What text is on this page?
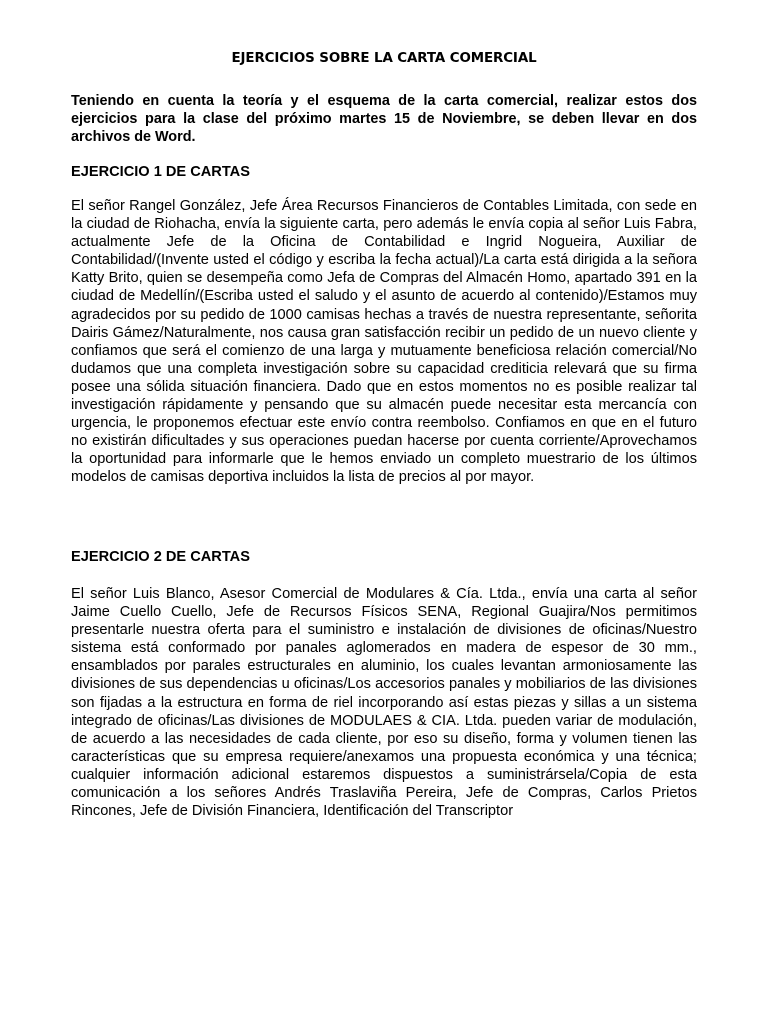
EJERCICIOS SOBRE LA CARTA COMERCIAL
Teniendo en cuenta la teoría y el esquema de la carta comercial, realizar estos dos ejercicios para la clase del próximo martes 15 de Noviembre, se deben llevar en dos archivos de Word.
EJERCICIO 1 DE CARTAS
El señor Rangel González, Jefe Área Recursos Financieros de Contables Limitada, con sede en la ciudad de Riohacha, envía la siguiente carta, pero además le envía copia al señor Luis Fabra, actualmente Jefe de la Oficina de Contabilidad e Ingrid Nogueira, Auxiliar de Contabilidad/(Invente usted el código y escriba la fecha actual)/La carta está dirigida a la señora Katty Brito, quien se desempeña como Jefa de Compras del Almacén Homo, apartado 391 en la ciudad de Medellín/(Escriba usted el saludo y el asunto de acuerdo al contenido)/Estamos muy agradecidos por su pedido de 1000 camisas hechas a través de nuestra representante, señorita Dairis Gámez/Naturalmente, nos causa gran satisfacción recibir un pedido de un nuevo cliente y confiamos que será el comienzo de una larga y mutuamente beneficiosa relación comercial/No dudamos que una completa investigación sobre su capacidad crediticia relevará que su firma posee una sólida situación financiera. Dado que en estos momentos no es posible realizar tal investigación rápidamente y pensando que su almacén puede necesitar esta mercancía con urgencia, le proponemos efectuar este envío contra reembolso. Confiamos en que en el futuro no existirán dificultades y sus operaciones puedan hacerse por cuenta corriente/Aprovechamos la oportunidad para informarle que le hemos enviado un completo muestrario de los últimos modelos de camisas deportiva incluidos la lista de precios al por mayor.
EJERCICIO 2 DE CARTAS
El señor Luis Blanco, Asesor Comercial de Modulares & Cía. Ltda., envía una carta al señor Jaime Cuello Cuello, Jefe de Recursos Físicos SENA, Regional Guajira/Nos permitimos presentarle nuestra oferta para el suministro e instalación de divisiones de oficinas/Nuestro sistema está conformado por panales aglomerados en madera de espesor de 30 mm., ensamblados por parales estructurales en aluminio, los cuales levantan armoniosamente las divisiones de sus dependencias u oficinas/Los accesorios panales y mobiliarios de las divisiones son fijadas a la estructura en forma de riel incorporando así estas piezas y sillas a un sistema integrado de oficinas/Las divisiones de MODULAES & CIA. Ltda. pueden variar de modulación, de acuerdo a las necesidades de cada cliente, por eso su diseño, forma y volumen tienen las características que su empresa requiere/anexamos una propuesta económica y una técnica; cualquier información adicional estaremos dispuestos a suministrársela/Copia de esta comunicación a los señores Andrés Traslaviña Pereira, Jefe de Compras, Carlos Prietos Rincones, Jefe de División Financiera, Identificación del Transcriptor
